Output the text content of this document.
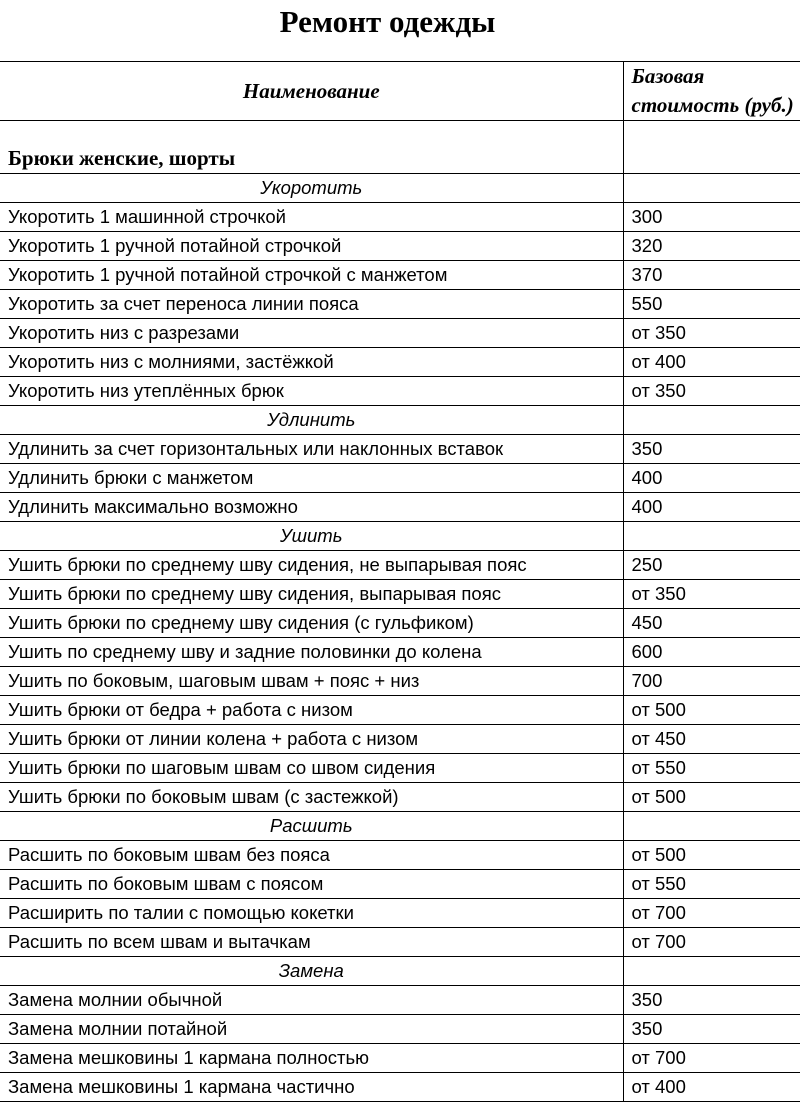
Ремонт одежды
Наименование	Базовая
стоимость (руб.)
Брюки женские, шорты	
Укоротить	
Укоротить 1 машинной строчкой	300
Укоротить 1 ручной потайной строчкой	320
Укоротить 1 ручной потайной строчкой с манжетом	370
Укоротить за счет переноса линии пояса	550
Укоротить низ с разрезами	от 350
Укоротить низ с молниями, застёжкой	от 400
Укоротить низ утеплённых брюк	от 350
Удлинить	
Удлинить за счет горизонтальных или наклонных вставок	350
Удлинить брюки с манжетом	400
Удлинить максимально возможно	400
Ушить	
Ушить брюки по среднему шву сидения, не выпарывая пояс	250
Ушить брюки по среднему шву сидения, выпарывая пояс	от 350
Ушить брюки по среднему шву сидения (с гульфиком)	450
Ушить по среднему шву и задние половинки до колена	600
Ушить по боковым, шаговым швам + пояс + низ	700
Ушить брюки от бедра + работа с низом	от 500
Ушить брюки от линии колена + работа с низом	от 450
Ушить брюки по шаговым швам со швом сидения	от 550
Ушить брюки по боковым швам (с застежкой)	от 500
Расшить	
Расшить по боковым швам без пояса	от 500
Расшить по боковым швам с поясом	от 550
Расширить по талии с помощью кокетки	от 700
Расшить по всем швам и вытачкам	от 700
Замена	
Замена молнии обычной	350
Замена молнии потайной	350
Замена мешковины 1 кармана полностью	от 700
Замена мешковины 1 кармана частично	от 400
